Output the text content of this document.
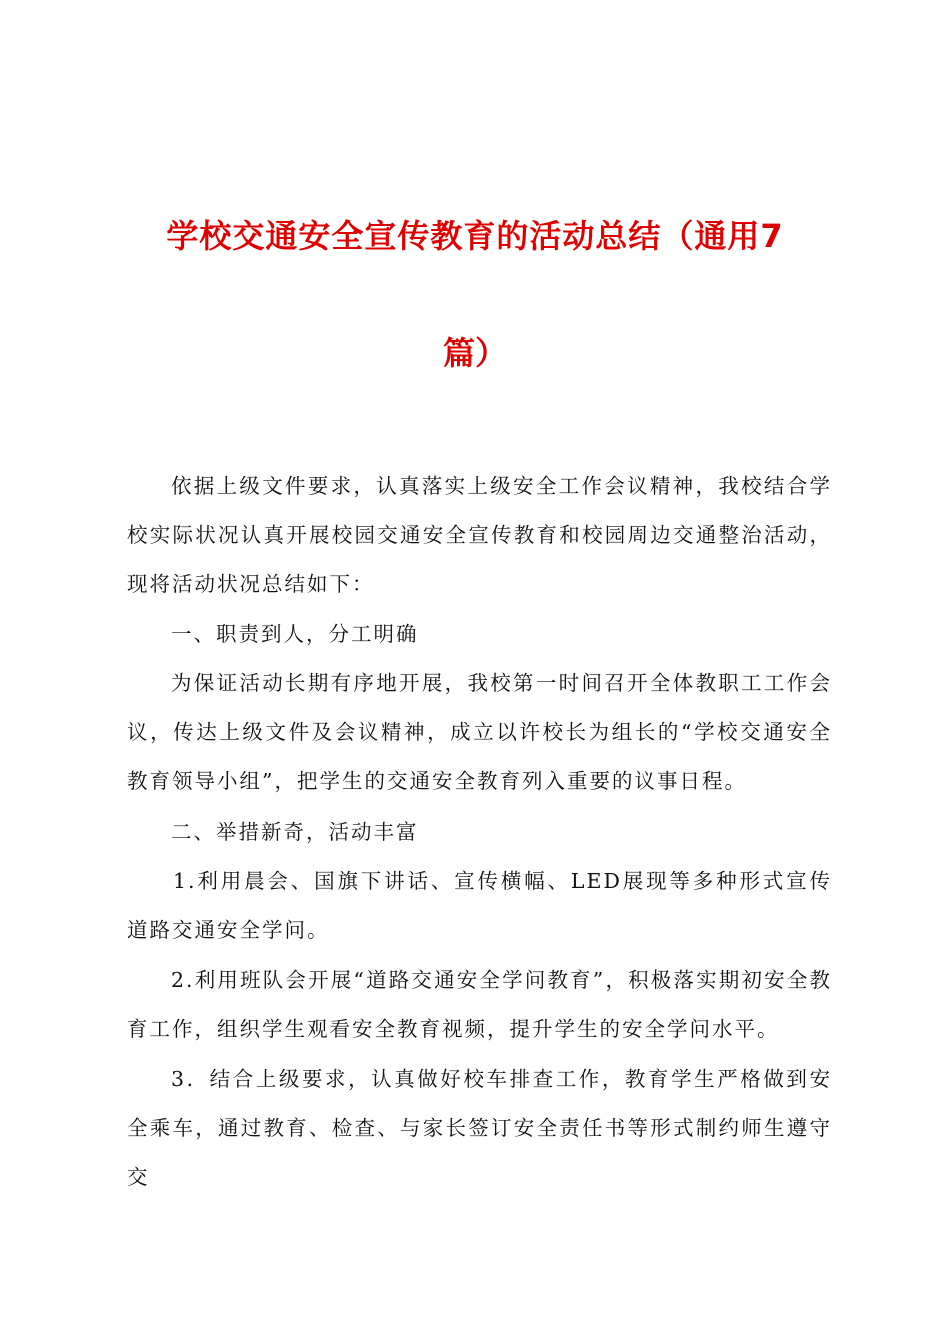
学校交通安全宣传教育的活动总结（通用7
篇）

依据上级文件要求，认真落实上级安全工作会议精神，我校结合学校实际状况认真开展校园交通安全宣传教育和校园周边交通整治活动，现将活动状况总结如下：

一、职责到人，分工明确

为保证活动长期有序地开展，我校第一时间召开全体教职工工作会议，传达上级文件及会议精神，成立以许校长为组长的“学校交通安全教育领导小组”，把学生的交通安全教育列入重要的议事日程。

二、举措新奇，活动丰富

1.利用晨会、国旗下讲话、宣传横幅、LED展现等多种形式宣传道路交通安全学问。

2.利用班队会开展“道路交通安全学问教育”，积极落实期初安全教育工作，组织学生观看安全教育视频，提升学生的安全学问水平。

3．结合上级要求，认真做好校车排查工作，教育学生严格做到安全乘车，通过教育、检查、与家长签订安全责任书等形式制约师生遵守交
